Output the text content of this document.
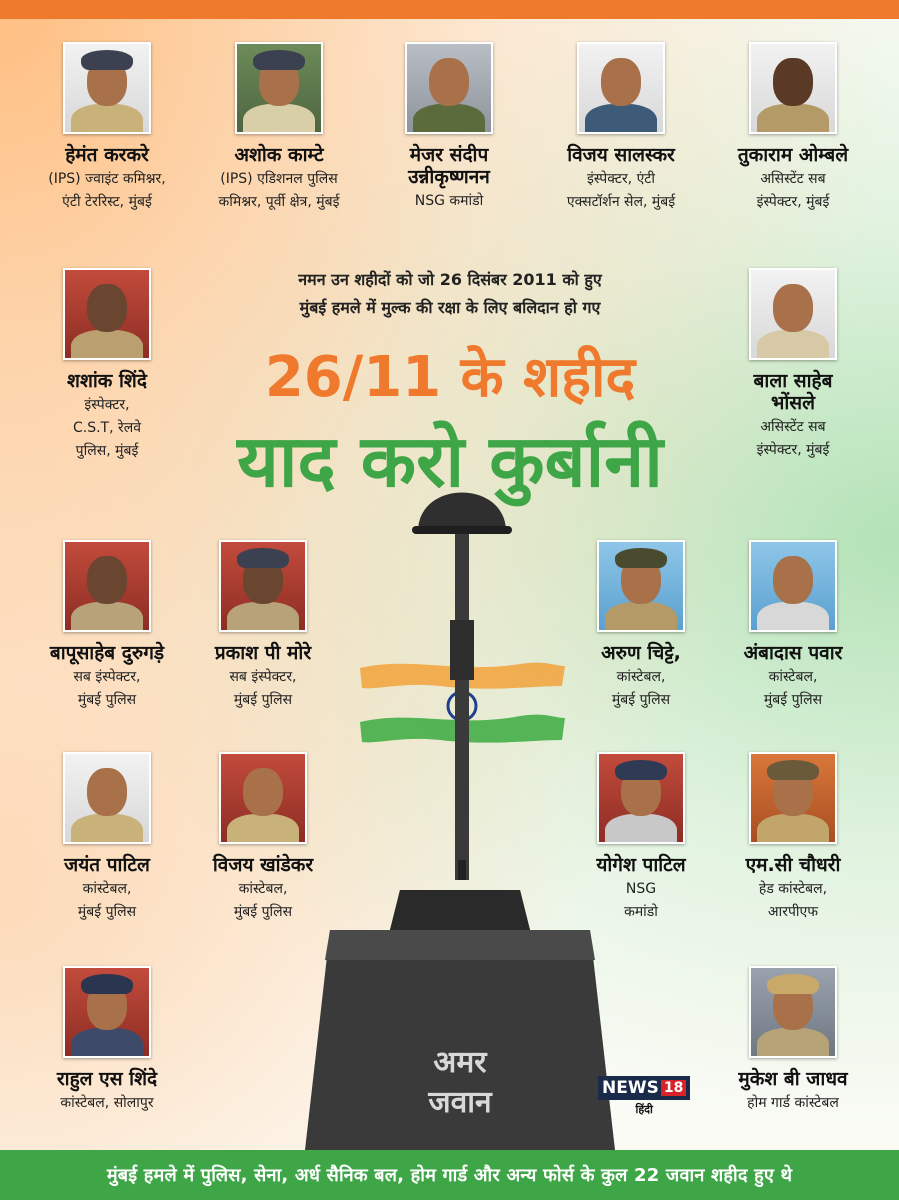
हेमंत करकरे
(IPS) ज्वाइंट कमिश्नर,
एंटी टेररिस्ट, मुंबई
अशोक काम्टे
(IPS) एडिशनल पुलिस
कमिश्नर, पूर्वी क्षेत्र, मुंबई
मेजर संदीप
उन्नीकृष्णनन
NSG कमांडो
विजय सालस्कर
इंस्पेक्टर, एंटी
एक्सटॉर्शन सेल, मुंबई
तुकाराम ओम्बले
असिस्टेंट सब
इंस्पेक्टर, मुंबई
शशांक शिंदे
इंस्पेक्टर,
C.S.T, रेलवे
पुलिस, मुंबई
बाला साहेब
भोंसले
असिस्टेंट सब
इंस्पेक्टर, मुंबई
नमन उन शहीदों को जो 26 दिसंबर 2011 को हुए
मुंबई हमले में मुल्क की रक्षा के लिए बलिदान हो गए
26/11 के शहीद
अमर
जवान
याद करो कुर्बानी
बापूसाहेब दुरुगड़े
सब इंस्पेक्टर,
मुंबई पुलिस
प्रकाश पी मोरे
सब इंस्पेक्टर,
मुंबई पुलिस
अरुण चिट्टे,
कांस्टेबल,
मुंबई पुलिस
अंबादास पवार
कांस्टेबल,
मुंबई पुलिस
जयंत पाटिल
कांस्टेबल,
मुंबई पुलिस
विजय खांडेकर
कांस्टेबल,
मुंबई पुलिस
योगेश पाटिल
NSG
कमांडो
एम.सी चौधरी
हेड कांस्टेबल,
आरपीएफ
राहुल एस शिंदे
कांस्टेबल, सोलापुर
मुकेश बी जाधव
होम गार्ड कांस्टेबल
NEWS 18
हिंदी
मुंबई हमले में पुलिस, सेना, अर्ध सैनिक बल, होम गार्ड और अन्य फोर्स के कुल 22 जवान शहीद हुए थे
